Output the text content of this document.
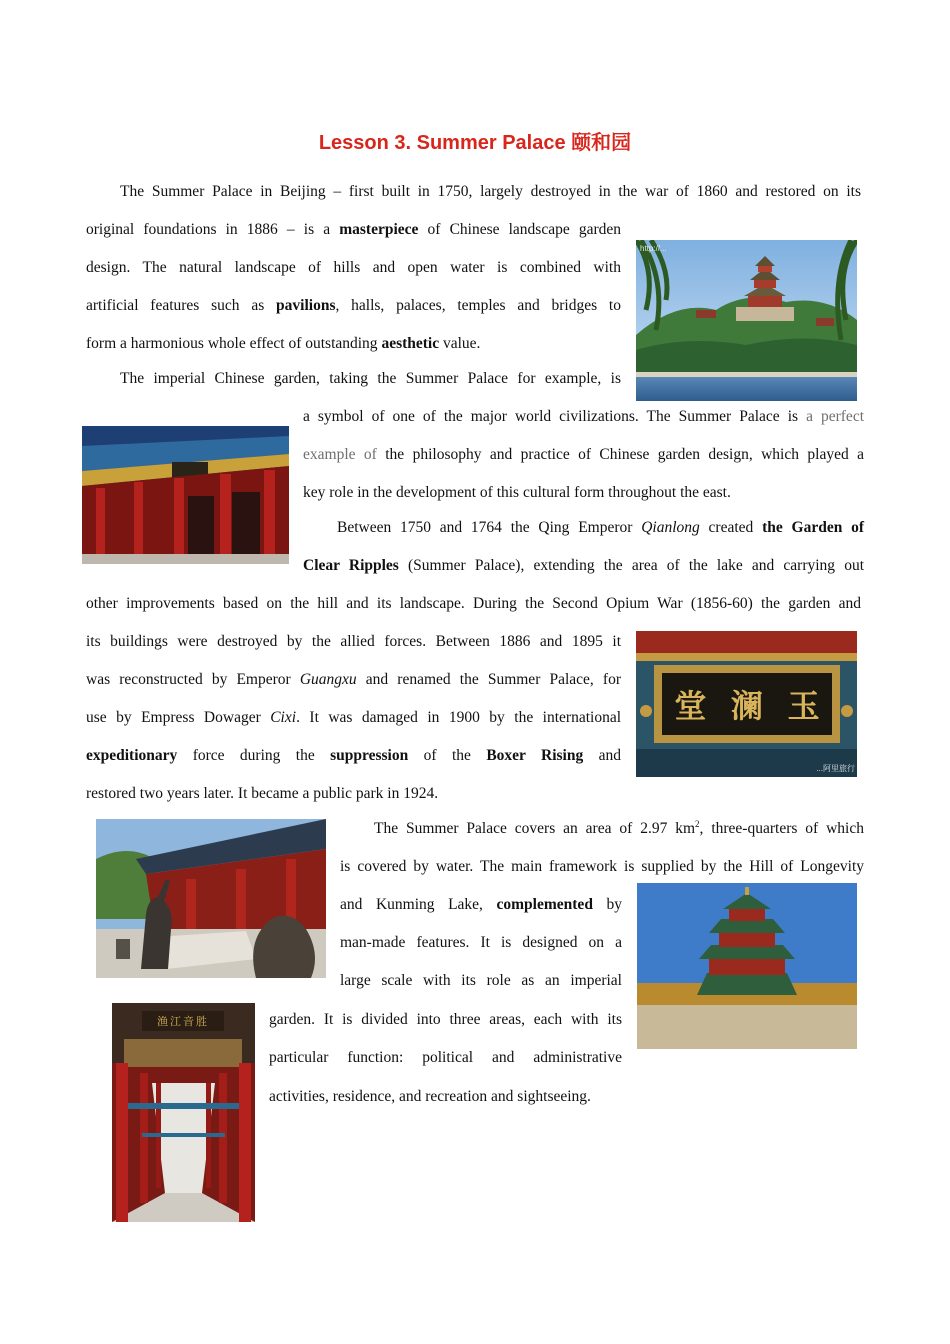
Lesson 3. Summer Palace 颐和园
The Summer Palace in Beijing – first built in 1750, largely destroyed in the war of 1860 and restored on its
original foundations in 1886 – is a masterpiece of Chinese landscape garden
design. The natural landscape of hills and open water is combined with
artificial features such as pavilions, halls, palaces, temples and bridges to
form a harmonious whole effect of outstanding aesthetic value.
The imperial Chinese garden, taking the Summer Palace for example, is
a symbol of one of the major world civilizations. The Summer Palace is a perfect
example of the philosophy and practice of Chinese garden design, which played a
key role in the development of this cultural form throughout the east.
Between 1750 and 1764 the Qing Emperor Qianlong created the Garden of
Clear Ripples (Summer Palace), extending the area of the lake and carrying out
other improvements based on the hill and its landscape. During the Second Opium War (1856-60) the garden and
its buildings were destroyed by the allied forces. Between 1886 and 1895 it
was reconstructed by Emperor Guangxu and renamed the Summer Palace, for
use by Empress Dowager Cixi. It was damaged in 1900 by the international
expeditionary force during the suppression of the Boxer Rising and
restored two years later. It became a public park in 1924.
The Summer Palace covers an area of 2.97 $km^2$, three-quarters of which
is covered by water. The main framework is supplied by the Hill of Longevity
and Kunming Lake, complemented by
man-made features. It is designed on a
large scale with its role as an imperial
garden. It is divided into three areas, each with its
particular function: political and administrative
activities, residence, and recreation and sightseeing.
http://...
堂 澜 玉
...阿里旅行
渔江音胜
